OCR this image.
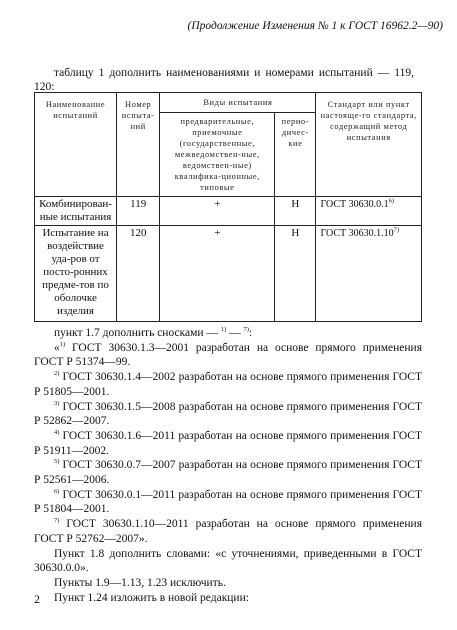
(Продолжение Изменения № 1 к ГОСТ 16962.2—90)
таблицу 1 дополнить наименованиями и номерами испытаний — 119, 120:
Наименование испытаний	Номер испыта-ний	Виды испытания		Стандарт или пункт настояще-го стандарта, содержащий метод испытания
		предварительные, приемочные (государственные, межведомствен-ные, ведомствен-ные) квалифика-ционные, типовые	перио-дичес-кие	
Комбинирован-ные испытания	119	+	Н	ГОСТ 30630.0.1$^{6)}$
Испытание на воздействие уда-ров от посто-ронних предме-тов по оболочке изделия	120	+	Н	ГОСТ 30630.1.10$^{7)}$

пункт 1.7 дополнить сносками — $^{1)}$ — $^{7)}$:

«$^{1)}$ ГОСТ 30630.1.3—2001 разработан на основе прямого применения ГОСТ Р 51374—99.

$^{2)}$ ГОСТ 30630.1.4—2002 разработан на основе прямого применения ГОСТ Р 51805—2001.

$^{3)}$ ГОСТ 30630.1.5—2008 разработан на основе прямого применения ГОСТ Р 52862—2007.

$^{4)}$ ГОСТ 30630.1.6—2011 разработан на основе прямого применения ГОСТ Р 51911—2002.

$^{5)}$ ГОСТ 30630.0.7—2007 разработан на основе прямого применения ГОСТ Р 52561—2006.

$^{6)}$ ГОСТ 30630.0.1—2011 разработан на основе прямого применения ГОСТ Р 51804—2001.

$^{7)}$ ГОСТ 30630.1.10—2011 разработан на основе прямого применения ГОСТ Р 52762—2007».

Пункт 1.8 дополнить словами: «с уточнениями, приведенными в ГОСТ 30630.0.0».

Пункты 1.9—1.13, 1.23 исключить.

Пункт 1.24 изложить в новой редакции:

2
